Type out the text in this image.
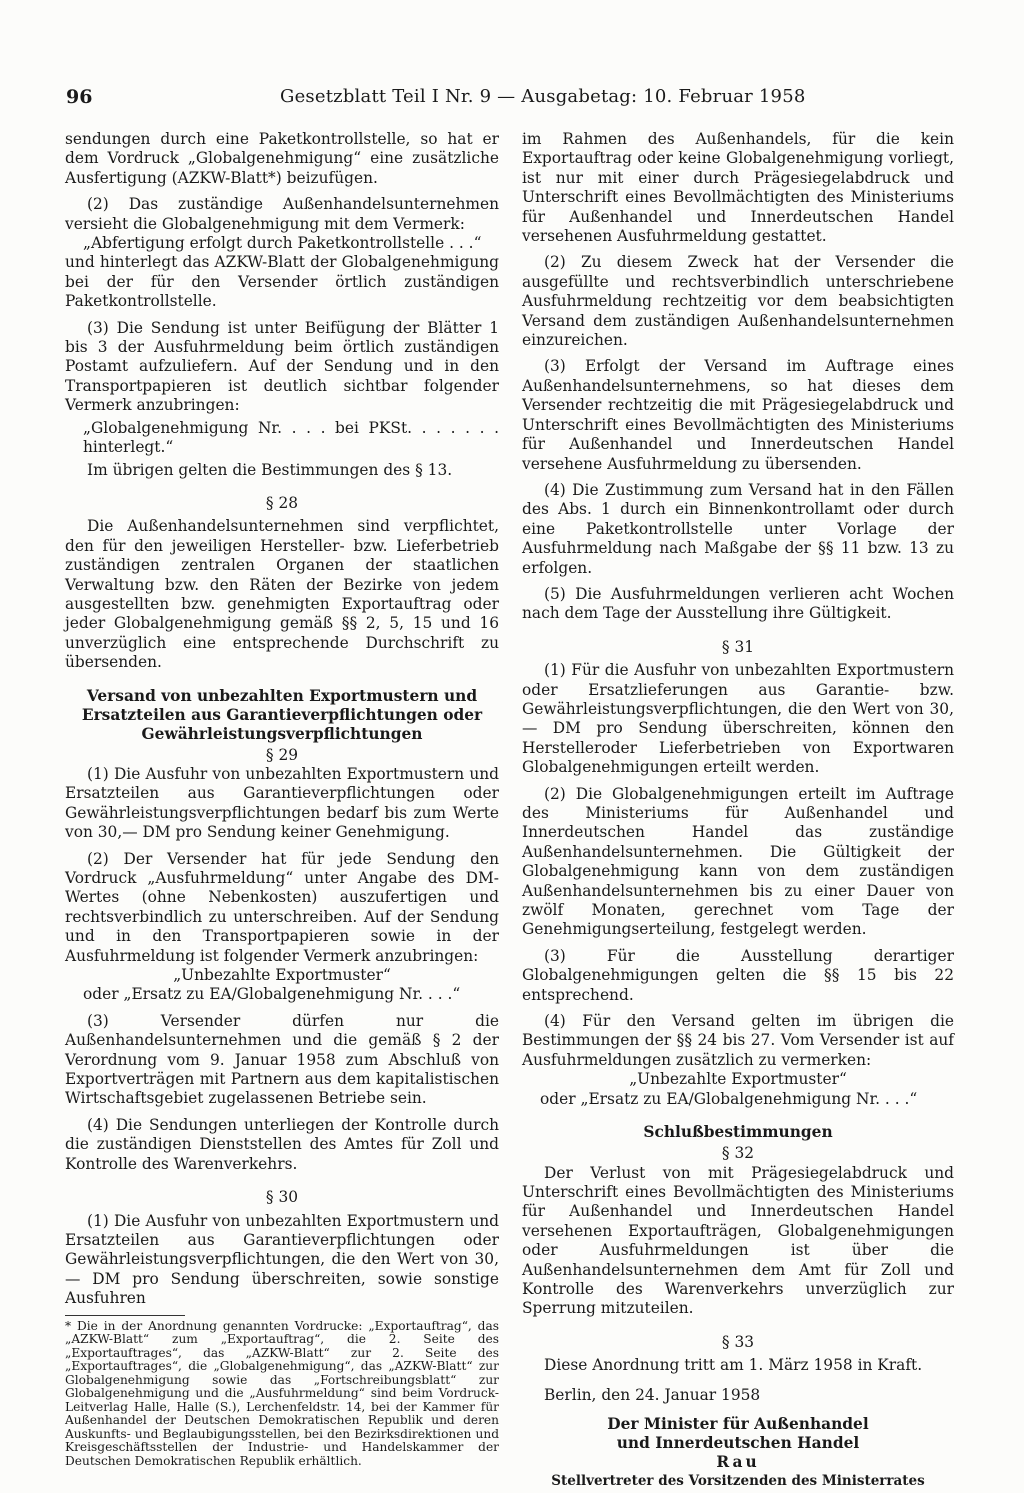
96	Gesetzblatt Teil I Nr. 9 — Ausgabetag: 10. Februar 1958

sendungen durch eine Paketkontrollstelle, so hat er dem Vordruck „Globalgenehmigung“ eine zusätzliche Ausfertigung (AZKW-Blatt*) beizufügen.

(2) Das zuständige Außenhandelsunternehmen versieht die Globalgenehmigung mit dem Vermerk:

„Abfertigung erfolgt durch Paketkontrollstelle . . .“

und hinterlegt das AZKW-Blatt der Globalgenehmigung bei der für den Versender örtlich zuständigen Paketkontrollstelle.

(3) Die Sendung ist unter Beifügung der Blätter 1 bis 3 der Ausfuhrmeldung beim örtlich zuständigen Postamt aufzuliefern. Auf der Sendung und in den Transportpapieren ist deutlich sichtbar folgender Vermerk anzubringen:

„Globalgenehmigung Nr. . . . bei PKSt. . . . . . . hinterlegt.“

Im übrigen gelten die Bestimmungen des § 13.

§ 28

Die Außenhandelsunternehmen sind verpflichtet, den für den jeweiligen Hersteller- bzw. Lieferbetrieb zuständigen zentralen Organen der staatlichen Verwaltung bzw. den Räten der Bezirke von jedem ausgestellten bzw. genehmigten Exportauftrag oder jeder Globalgenehmigung gemäß §§ 2, 5, 15 und 16 unverzüglich eine entsprechende Durchschrift zu übersenden.

Versand von unbezahlten Exportmustern und Ersatzteilen aus Garantieverpflichtungen oder Gewährleistungsverpflichtungen

§ 29

(1) Die Ausfuhr von unbezahlten Exportmustern und Ersatzteilen aus Garantieverpflichtungen oder Gewährleistungsverpflichtungen bedarf bis zum Werte von 30,— DM pro Sendung keiner Genehmigung.

(2) Der Versender hat für jede Sendung den Vordruck „Ausfuhrmeldung“ unter Angabe des DM-Wertes (ohne Nebenkosten) auszufertigen und rechtsverbindlich zu unterschreiben. Auf der Sendung und in den Transportpapieren sowie in der Ausfuhrmeldung ist folgender Vermerk anzubringen:

„Unbezahlte Exportmuster“

oder „Ersatz zu EA/Globalgenehmigung Nr. . . .“

(3) Versender dürfen nur die Außenhandelsunternehmen und die gemäß § 2 der Verordnung vom 9. Januar 1958 zum Abschluß von Exportverträgen mit Partnern aus dem kapitalistischen Wirtschaftsgebiet zugelassenen Betriebe sein.

(4) Die Sendungen unterliegen der Kontrolle durch die zuständigen Dienststellen des Amtes für Zoll und Kontrolle des Warenverkehrs.

§ 30

(1) Die Ausfuhr von unbezahlten Exportmustern und Ersatzteilen aus Garantieverpflichtungen oder Gewährleistungsverpflichtungen, die den Wert von 30,— DM pro Sendung überschreiten, sowie sonstige Ausfuhren

* Die in der Anordnung genannten Vordrucke: „Exportauftrag“, das „AZKW-Blatt“ zum „Exportauftrag“, die 2. Seite des „Exportauftrages“, das „AZKW-Blatt“ zur 2. Seite des „Exportauftrages“, die „Globalgenehmigung“, das „AZKW-Blatt“ zur Globalgenehmigung sowie das „Fortschreibungsblatt“ zur Globalgenehmigung und die „Ausfuhrmeldung“ sind beim Vordruck-Leitverlag Halle, Halle (S.), Lerchenfeldstr. 14, bei der Kammer für Außenhandel der Deutschen Demokratischen Republik und deren Auskunfts- und Beglaubigungsstellen, bei den Bezirksdirektionen und Kreisgeschäftsstellen der Industrie- und Handelskammer der Deutschen Demokratischen Republik erhältlich.

im Rahmen des Außenhandels, für die kein Exportauftrag oder keine Globalgenehmigung vorliegt, ist nur mit einer durch Prägesiegelabdruck und Unterschrift eines Bevollmächtigten des Ministeriums für Außenhandel und Innerdeutschen Handel versehenen Ausfuhrmeldung gestattet.

(2) Zu diesem Zweck hat der Versender die ausgefüllte und rechtsverbindlich unterschriebene Ausfuhrmeldung rechtzeitig vor dem beabsichtigten Versand dem zuständigen Außenhandelsunternehmen einzureichen.

(3) Erfolgt der Versand im Auftrage eines Außenhandelsunternehmens, so hat dieses dem Versender rechtzeitig die mit Prägesiegelabdruck und Unterschrift eines Bevollmächtigten des Ministeriums für Außenhandel und Innerdeutschen Handel versehene Ausfuhrmeldung zu übersenden.

(4) Die Zustimmung zum Versand hat in den Fällen des Abs. 1 durch ein Binnenkontrollamt oder durch eine Paketkontrollstelle unter Vorlage der Ausfuhrmeldung nach Maßgabe der §§ 11 bzw. 13 zu erfolgen.

(5) Die Ausfuhrmeldungen verlieren acht Wochen nach dem Tage der Ausstellung ihre Gültigkeit.

§ 31

(1) Für die Ausfuhr von unbezahlten Exportmustern oder Ersatzlieferungen aus Garantie- bzw. Gewährleistungsverpflichtungen, die den Wert von 30,— DM pro Sendung überschreiten, können den Herstelleroder Lieferbetrieben von Exportwaren Globalgenehmigungen erteilt werden.

(2) Die Globalgenehmigungen erteilt im Auftrage des Ministeriums für Außenhandel und Innerdeutschen Handel das zuständige Außenhandelsunternehmen. Die Gültigkeit der Globalgenehmigung kann von dem zuständigen Außenhandelsunternehmen bis zu einer Dauer von zwölf Monaten, gerechnet vom Tage der Genehmigungserteilung, festgelegt werden.

(3) Für die Ausstellung derartiger Globalgenehmigungen gelten die §§ 15 bis 22 entsprechend.

(4) Für den Versand gelten im übrigen die Bestimmungen der §§ 24 bis 27. Vom Versender ist auf Ausfuhrmeldungen zusätzlich zu vermerken:

„Unbezahlte Exportmuster“

oder „Ersatz zu EA/Globalgenehmigung Nr. . . .“

Schlußbestimmungen

§ 32

Der Verlust von mit Prägesiegelabdruck und Unterschrift eines Bevollmächtigten des Ministeriums für Außenhandel und Innerdeutschen Handel versehenen Exportaufträgen, Globalgenehmigungen oder Ausfuhrmeldungen ist über die Außenhandelsunternehmen dem Amt für Zoll und Kontrolle des Warenverkehrs unverzüglich zur Sperrung mitzuteilen.

§ 33

Diese Anordnung tritt am 1. März 1958 in Kraft.

Berlin, den 24. Januar 1958

Der Minister für Außenhandel

und Innerdeutschen Handel

Rau

Stellvertreter des Vorsitzenden des Ministerrates
